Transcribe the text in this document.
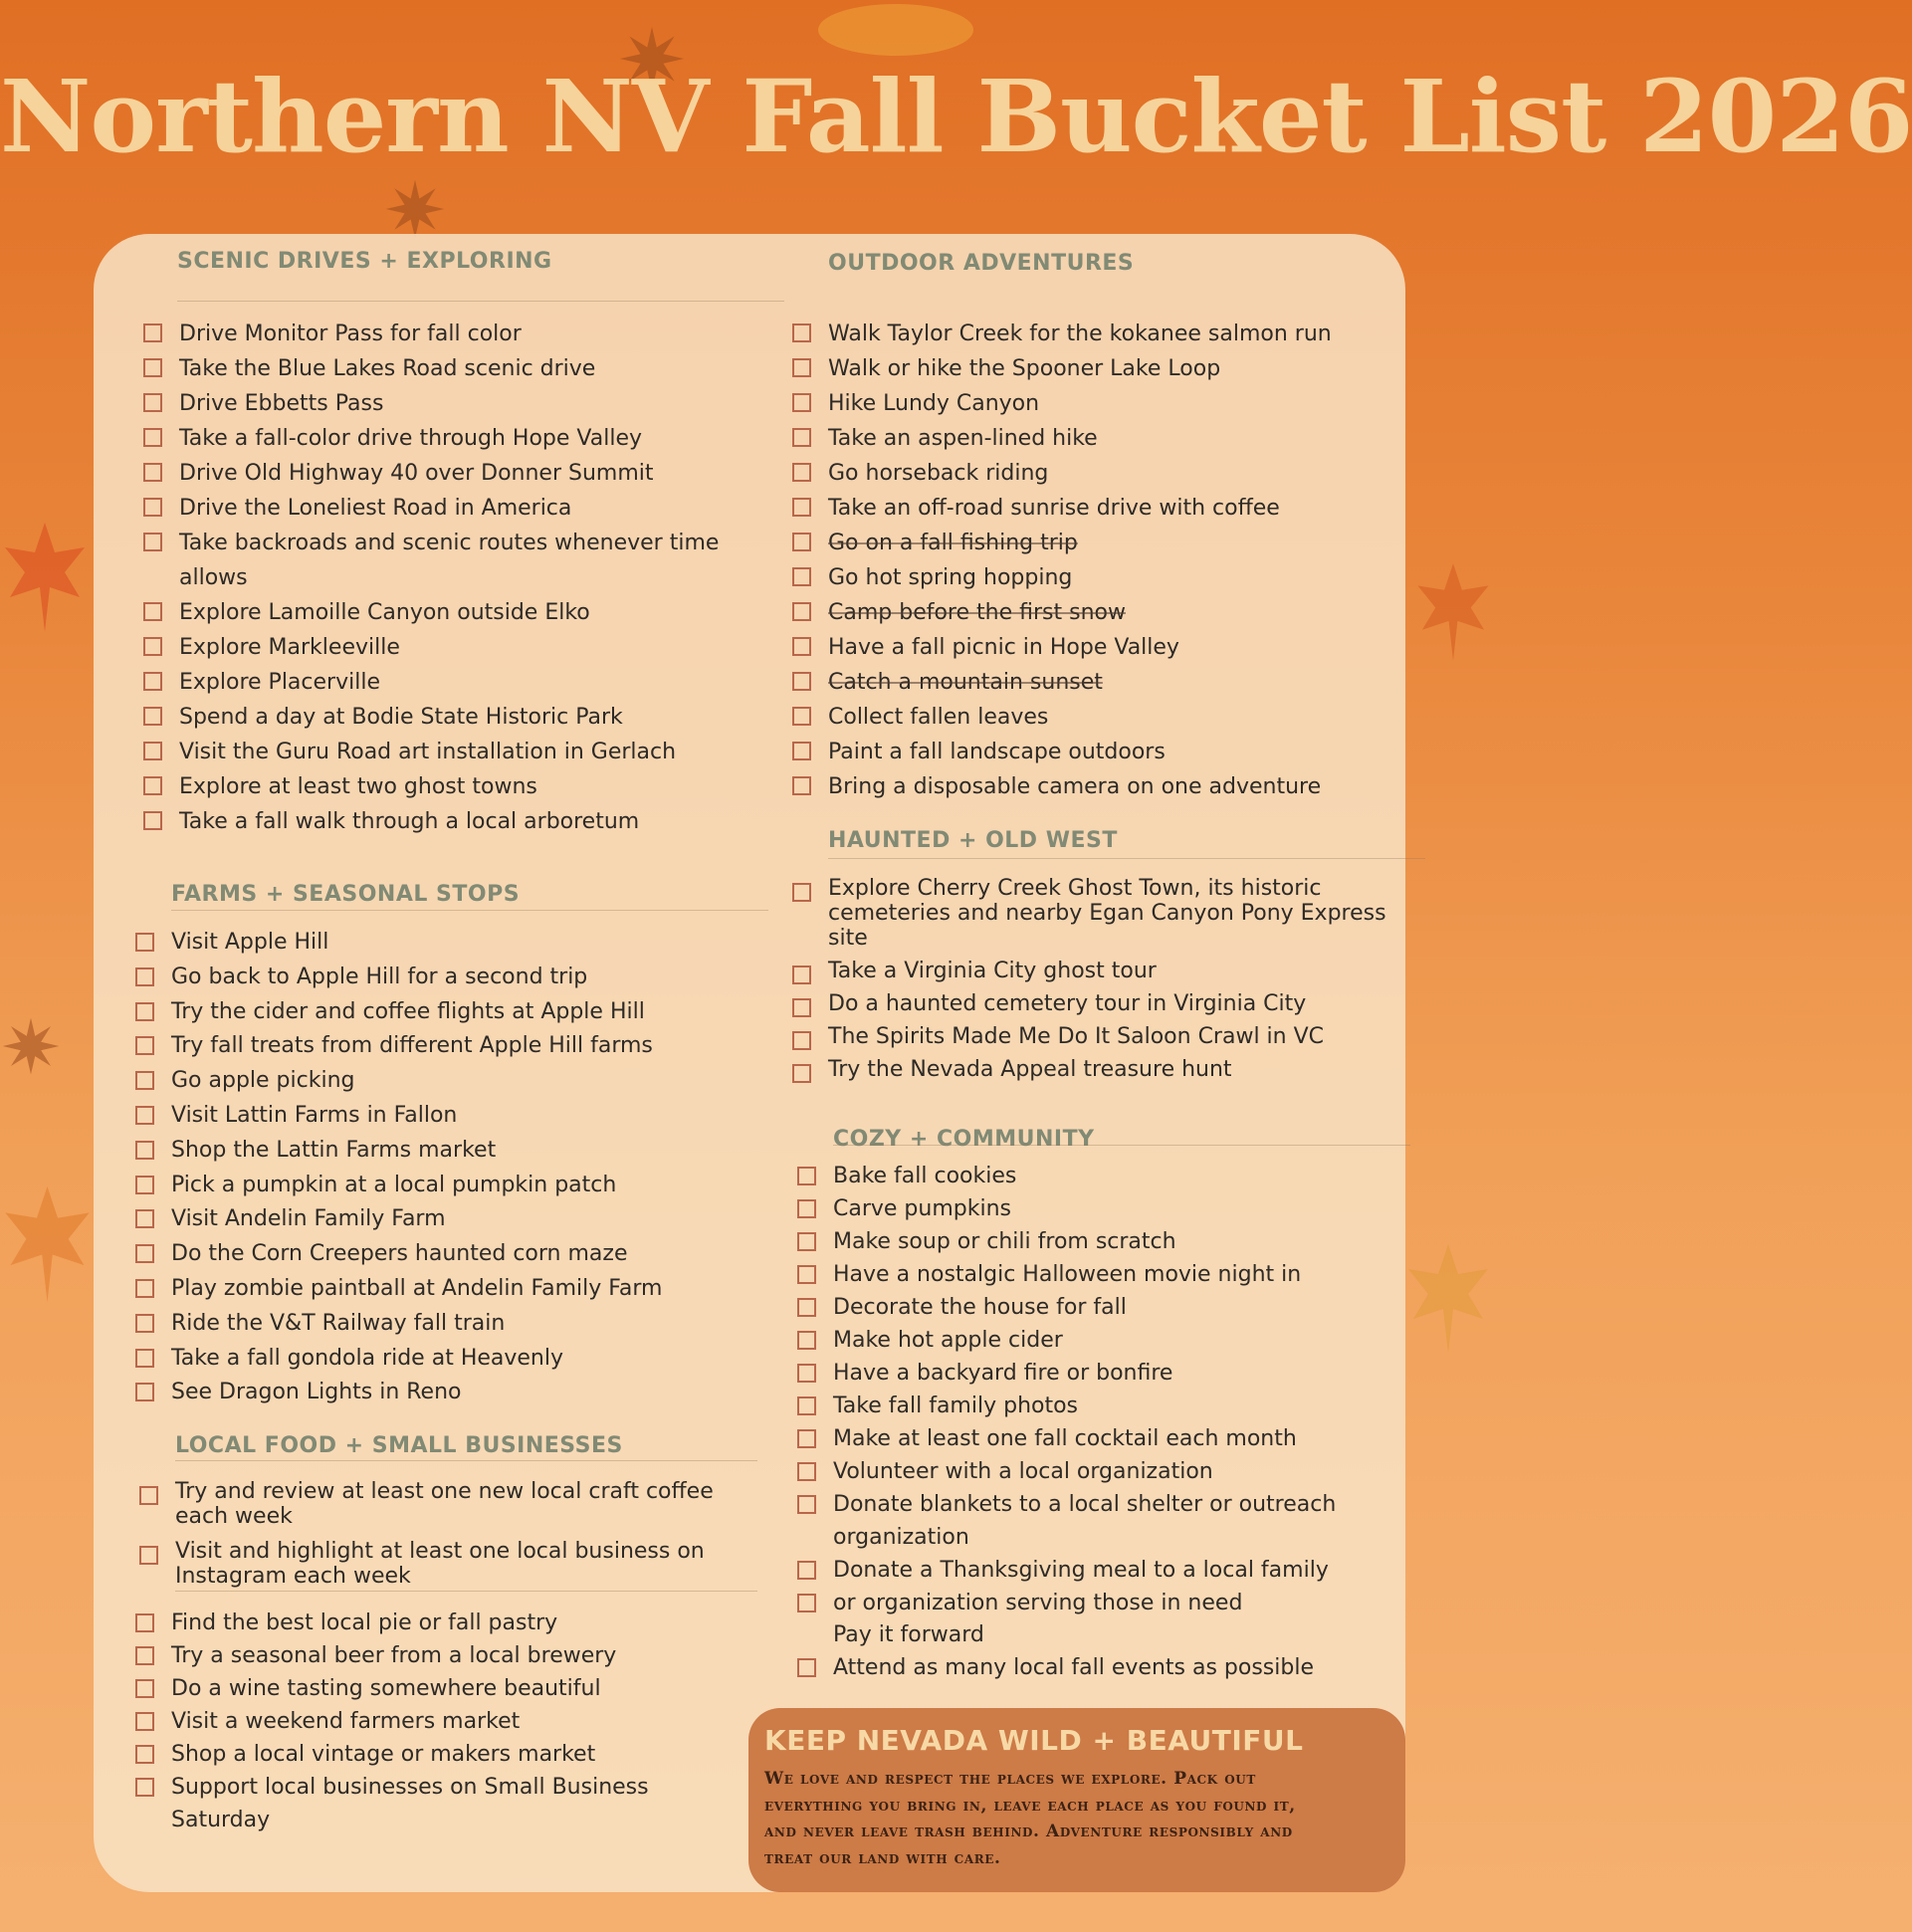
Northern NV Fall Bucket List 2026
SCENIC DRIVES + EXPLORING
Drive Monitor Pass for fall color
Take the Blue Lakes Road scenic drive
Drive Ebbetts Pass
Take a fall-color drive through Hope Valley
Drive Old Highway 40 over Donner Summit
Drive the Loneliest Road in America
Take backroads and scenic routes whenever time allows
Explore Lamoille Canyon outside Elko
Explore Markleeville
Explore Placerville
Spend a day at Bodie State Historic Park
Visit the Guru Road art installation in Gerlach
Explore at least two ghost towns
Take a fall walk through a local arboretum
FARMS + SEASONAL STOPS
Visit Apple Hill
Go back to Apple Hill for a second trip
Try the cider and coffee flights at Apple Hill
Try fall treats from different Apple Hill farms
Go apple picking
Visit Lattin Farms in Fallon
Shop the Lattin Farms market
Pick a pumpkin at a local pumpkin patch
Visit Andelin Family Farm
Do the Corn Creepers haunted corn maze
Play zombie paintball at Andelin Family Farm
Ride the V&T Railway fall train
Take a fall gondola ride at Heavenly
See Dragon Lights in Reno
LOCAL FOOD + SMALL BUSINESSES
Try and review at least one new local craft coffee each week
Visit and highlight at least one local business on Instagram each week
Find the best local pie or fall pastry
Try a seasonal beer from a local brewery
Do a wine tasting somewhere beautiful
Visit a weekend farmers market
Shop a local vintage or makers market
Support local businesses on Small Business Saturday
OUTDOOR ADVENTURES
Walk Taylor Creek for the kokanee salmon run
Walk or hike the Spooner Lake Loop
Hike Lundy Canyon
Take an aspen-lined hike
Go horseback riding
Take an off-road sunrise drive with coffee
Go on a fall fishing trip
Go hot spring hopping
Camp before the first snow
Have a fall picnic in Hope Valley
Catch a mountain sunset
Collect fallen leaves
Paint a fall landscape outdoors
Bring a disposable camera on one adventure
HAUNTED + OLD WEST
Explore Cherry Creek Ghost Town, its historic cemeteries and nearby Egan Canyon Pony Express site
Take a Virginia City ghost tour
Do a haunted cemetery tour in Virginia City
The Spirits Made Me Do It Saloon Crawl in VC
Try the Nevada Appeal treasure hunt
COZY + COMMUNITY
Bake fall cookies
Carve pumpkins
Make soup or chili from scratch
Have a nostalgic Halloween movie night in
Decorate the house for fall
Make hot apple cider
Have a backyard fire or bonfire
Take fall family photos
Make at least one fall cocktail each month
Volunteer with a local organization
Donate blankets to a local shelter or outreach organization
Donate a Thanksgiving meal to a local family
or organization serving those in need
Pay it forward
Attend as many local fall events as possible
KEEP NEVADA WILD + BEAUTIFUL
We love and respect the places we explore. Pack out everything you bring in, leave each place as you found it, and never leave trash behind. Adventure responsibly and treat our land with care.
